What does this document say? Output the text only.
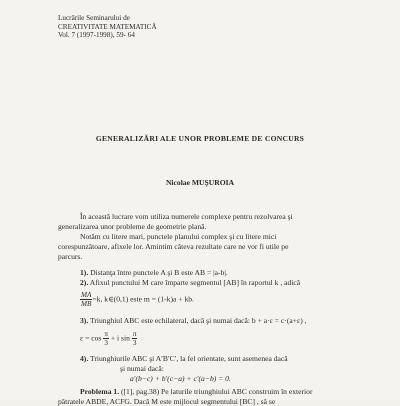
Lucrările Seminarului de
CREATIVITATE MATEMATICĂ
Vol. 7 (1997-1998), 59- 64
GENERALIZĂRI ALE UNOR PROBLEME DE CONCURS
Nicolae MUŞUROIA
În această lucrare vom utiliza numerele complexe pentru rezolvarea şi
generalizarea unor probleme de geometrie plană.
Notăm cu litere mari, punctele planului complex şi cu litere mici
corespunzătoare, afixele lor. Amintim câteva rezultate care ne vor fi utile pe
parcurs.
1). Distanţa între punctele A şi B este AB = |a-b|.
2). Afixul punctului M care împarte segmentul [AB] în raportul k , adică
$\frac{MA}{MB} =k$, k∈(0,1) este m = (1-k)a + kb.
3). Triunghiul ABC este echilateral, dacă şi numai dacă: b + a·ε = c·(a+ε) ,
$\varepsilon = \cos \frac{\pi}{3} + i$ $\sin \frac{\pi}{3}$
4). Triunghiurile ABC şi A′B′C′, la fel orientate, sunt asemenea dacă
şi numai dacă:
a′(b−c) + b′(c−a) + c′(a−b) = 0.
Problema 1. ([1], pag.38) Pe laturile triunghiului ABC construim în exterior
pătratele ABDE, ACFG. Dacă M este mijlocul segmentului [BC] , să se
